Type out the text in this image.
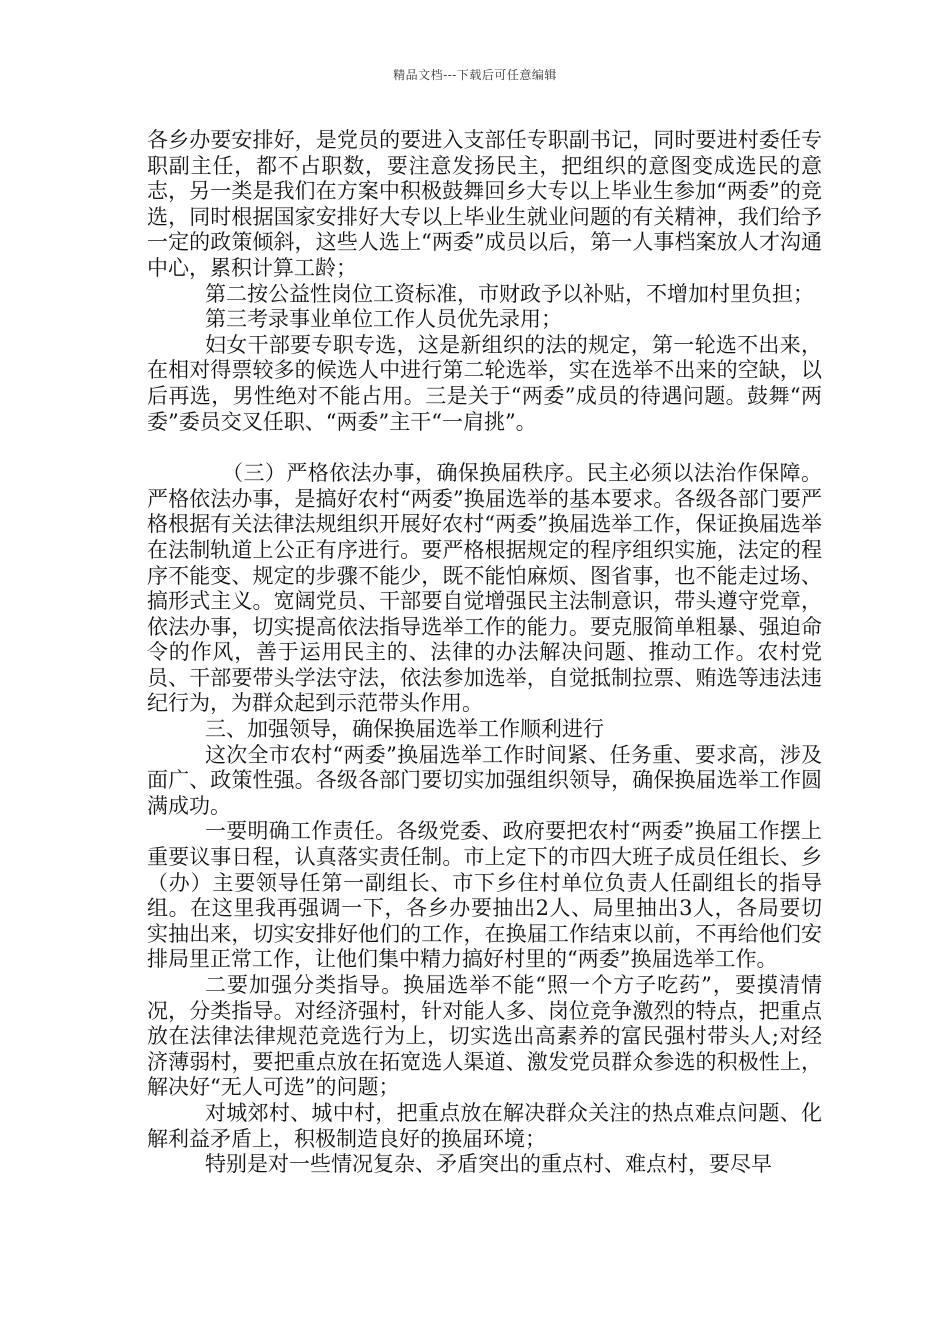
精品文档---下载后可任意编辑

各乡办要安排好，是党员的要进入支部任专职副书记，同时要进村委任专职副主任，都不占职数，要注意发扬民主，把组织的意图变成选民的意志，另一类是我们在方案中积极鼓舞回乡大专以上毕业生参加“两委”的竞选，同时根据国家安排好大专以上毕业生就业问题的有关精神，我们给予一定的政策倾斜，这些人选上“两委”成员以后，第一人事档案放人才沟通中心，累积计算工龄；

第二按公益性岗位工资标准，市财政予以补贴，不增加村里负担；

第三考录事业单位工作人员优先录用；

妇女干部要专职专选，这是新组织的法的规定，第一轮选不出来，在相对得票较多的候选人中进行第二轮选举，实在选举不出来的空缺，以后再选，男性绝对不能占用。三是关于“两委”成员的待遇问题。鼓舞“两委”委员交叉任职、“两委”主干“一肩挑”。

（三）严格依法办事，确保换届秩序。民主必须以法治作保障。严格依法办事，是搞好农村“两委”换届选举的基本要求。各级各部门要严格根据有关法律法规组织开展好农村“两委”换届选举工作，保证换届选举在法制轨道上公正有序进行。要严格根据规定的程序组织实施，法定的程序不能变、规定的步骤不能少，既不能怕麻烦、图省事，也不能走过场、搞形式主义。宽阔党员、干部要自觉增强民主法制意识，带头遵守党章，依法办事，切实提高依法指导选举工作的能力。要克服简单粗暴、强迫命令的作风，善于运用民主的、法律的办法解决问题、推动工作。农村党员、干部要带头学法守法，依法参加选举，自觉抵制拉票、贿选等违法违纪行为，为群众起到示范带头作用。

三、加强领导，确保换届选举工作顺利进行

这次全市农村“两委”换届选举工作时间紧、任务重、要求高，涉及面广、政策性强。各级各部门要切实加强组织领导，确保换届选举工作圆满成功。

一要明确工作责任。各级党委、政府要把农村“两委”换届工作摆上重要议事日程，认真落实责任制。市上定下的市四大班子成员任组长、乡（办）主要领导任第一副组长、市下乡住村单位负责人任副组长的指导组。在这里我再强调一下，各乡办要抽出2人、局里抽出3人，各局要切实抽出来，切实安排好他们的工作，在换届工作结束以前，不再给他们安排局里正常工作，让他们集中精力搞好村里的“两委”换届选举工作。

二要加强分类指导。换届选举不能“照一个方子吃药”，要摸清情况，分类指导。对经济强村，针对能人多、岗位竞争激烈的特点，把重点放在法律法律规范竞选行为上，切实选出高素养的富民强村带头人;对经济薄弱村，要把重点放在拓宽选人渠道、激发党员群众参选的积极性上，解决好“无人可选”的问题；

对城郊村、城中村，把重点放在解决群众关注的热点难点问题、化解利益矛盾上，积极制造良好的换届环境；

特别是对一些情况复杂、矛盾突出的重点村、难点村，要尽早
